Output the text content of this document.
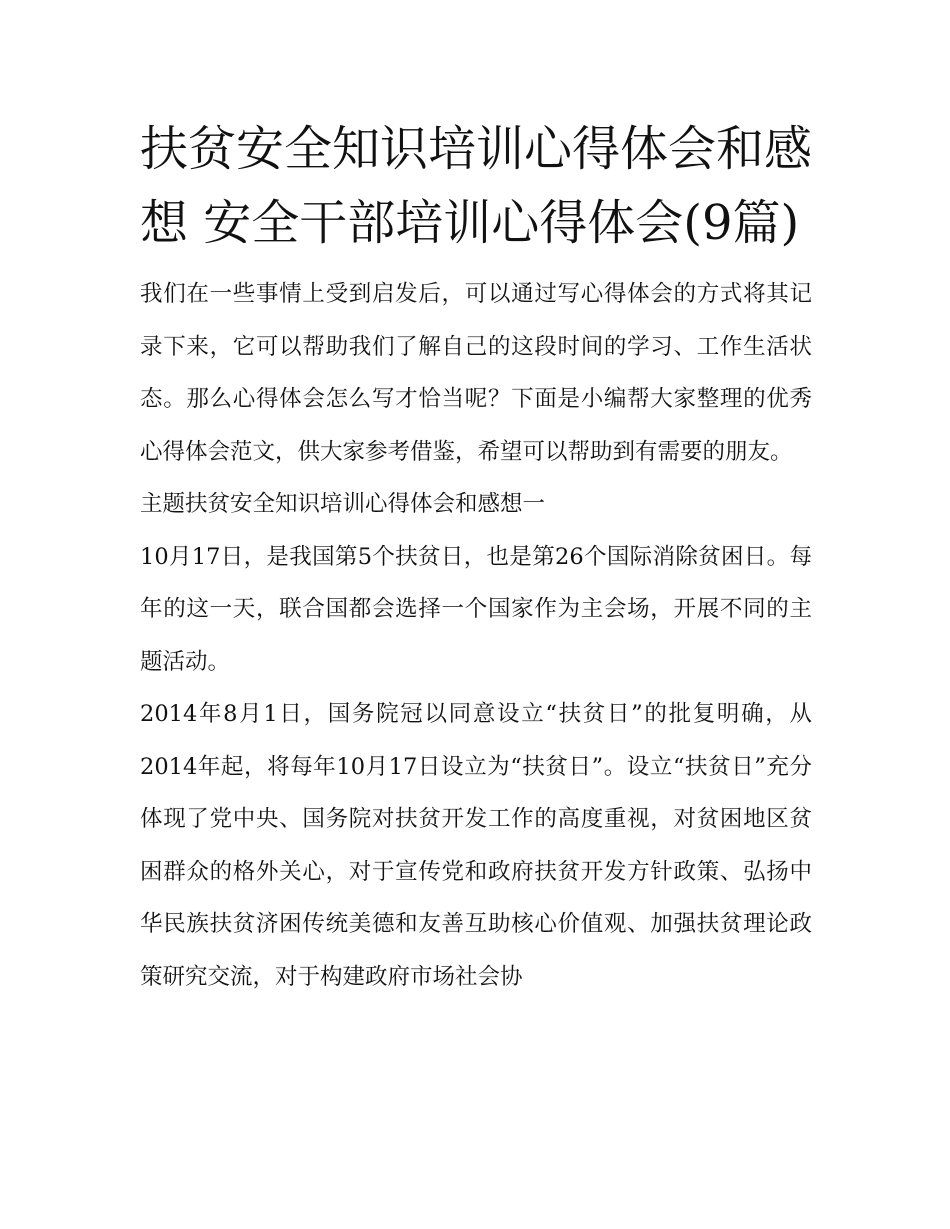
扶贫安全知识培训心得体会和感想 安全干部培训心得体会(9篇)

我们在一些事情上受到启发后，可以通过写心得体会的方式将其记录下来，它可以帮助我们了解自己的这段时间的学习、工作生活状态。那么心得体会怎么写才恰当呢？下面是小编帮大家整理的优秀心得体会范文，供大家参考借鉴，希望可以帮助到有需要的朋友。

主题扶贫安全知识培训心得体会和感想一

10月17日，是我国第5个扶贫日，也是第26个国际消除贫困日。每年的这一天，联合国都会选择一个国家作为主会场，开展不同的主题活动。

2014年8月1日，国务院冠以同意设立“扶贫日”的批复明确，从2014年起，将每年10月17日设立为“扶贫日”。设立“扶贫日”充分体现了党中央、国务院对扶贫开发工作的高度重视，对贫困地区贫困群众的格外关心，对于宣传党和政府扶贫开发方针政策、弘扬中华民族扶贫济困传统美德和友善互助核心价值观、加强扶贫理论政策研究交流，对于构建政府市场社会协
